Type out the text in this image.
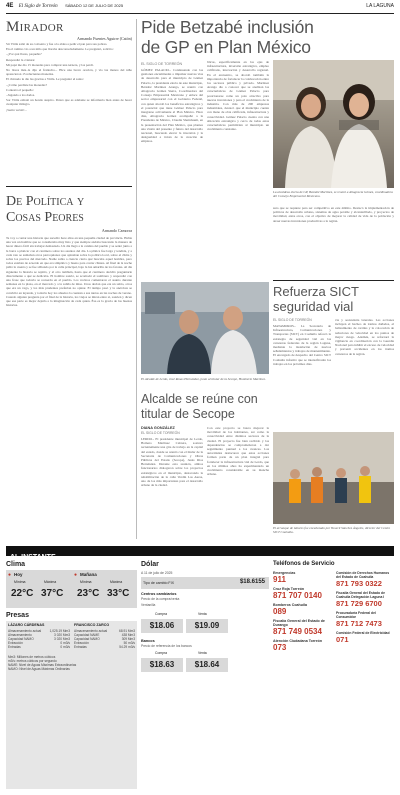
4E El Siglo de Torreón SÁBADO 12 DE JULIO DE 2025	LA LAGUNA
Mirador
Armando Fuentes Aguirre (Catón)

Sir Virila salió de su convento y fue a la aldea a pedir el pan para sus pobres.

En el camino vio a un niño que lloraba desconsoladamente. Le preguntó, solícito:

–¿Por qué lloras, pequeño?

Respondió la criatura:

Mi papá me dio 15 monedas para comprar una ternera, y las perdí.

No llores más–le dijo el frailecito–. Hice una breve oración, y vio las manos del niño aparecieron 15 relucientes monedas.

El chicuelo le dio las gracias a Virila. Le preguntó el santo:

–¿Cómo perdiste las monedas?

Contestó el pequeño:

–Jugando a los dados.

Sor Virila exhaló un hondo suspiro. Pensó que es adelante se informaría bien antes de hacer cualquier milagro.

¡Santo varón!...

De Política y
Cosas Peores
Armando Camorra
Te voy a contar una historia que sucedió hace años en una pequeña ciudad de provincia. Había una vez un hombre que se consideraba muy listo y que siempre andaba buscando la manera de hacer dinero fácil sin trabajar demasiado. Un día llegó a la cantina del pueblo y se sentó junto a la barra a platicar con el cantinero sobre los asuntos del día. La plática fue larga y tendida, y a cada rato se sumaban otros parroquianos que opinaban sobre la política local, sobre el clima y sobre los precios del mercado. Nadie sabía a ciencia cierta qué buscaba aquel hombre, pero todos estaban de acuerdo en que era simpático y bueno para contar chistes. Al final de la noche pidió la cuenta y se fue silbando por la calle principal, bajo la luz amarilla de los faroles. Al día siguiente la historia se repitió, y al otro también, hasta que el cantinero decidió preguntarle directamente a qué se dedicaba. El hombre sonrió, se acomodó el sombrero y respondió con una frase que todavía se recuerda en el pueblo. Los vecinos comentaron el asunto durante semanas en la plaza, en el mercado y a la salida de misa. Unos decían que era un sabio, otros que era un vago, y los más prudentes preferían no opinar. El tiempo pasó y la anécdota se convirtió en leyenda, y todavía hoy los abuelos la cuentan a sus nietos en las noches de verano. Cuando alguien pregunta por el final de la historia, los viejos se miran entre sí, sonríen y dicen que esa parte es mejor dejarla a la imaginación de cada quien. Ésa es la gracia de las buenas historias.
Pide Betzabé inclusión
de GP en Plan México
EL SIGLO DE TORREÓN
GÓMEZ PALACIO.- Continuando con las gestiones encaminadas a impulsar nuevas vías de desarrollo para el municipio de Gómez Palacio, la presidenta electa de este municipio, Betzabé Martínez Arango, se reunió con Altagracia Gómez Sierra, Coordinadora del Consejo Empresarial Mexicano y enlace del sector empresarial con el Gobierno Federal, con quien abordó los beneficios estratégicos y el potencial que tiene Gómez Palacio para integrarse activamente al Plan México. Hace días, Altagracia Gómez acompañó a la Presidenta de México, Claudia Sheinbaum, en la presentación del Plan México, que plantea una visión del presente y futuro del desarrollo nacional, buscando elevar la inversión y la desigualdad a través de la creación de empleos.
blicas, específicamente en los ejes de infraestructura, inversión estratégica, empleo calificado, innovación y desarrollo regional. En el encuentro, se abordó también la importancia de fortalecer la colaboración entre los sectores público y privado. Martínez Arango dio a conocer que se analizan las características de Gómez Palacio para posicionarse como un polo atractivo para nuevas inversiones y para el crecimiento de la industria. Con más de 200 empresas industriales, destacó que el municipio cuenta con mano de obra calificada, infraestructura y conectividad. Gómez Palacio cuenta con una ubicación estratégica y cerca de todas estas características permitirían al municipio un crecimiento constante.
La alcaldesa electa de GP, Betzabé Martínez, se reunió a Altagracia Gómez, coordinadora del Consejo Empresarial Mexicano.
sura que se requiere para ser competitivo en este ámbito. Destacó la implementación de políticas de desarrollo urbano, sistemas de agua potable y alcantarillado, y proyectos de movilidad, entre otros, con el objetivo de mejorar la calidad de vida de la población y atraer nuevas inversiones productivas a la región.
El Alcalde de Lerdo, José Rosas Hernández, junto al titular de la Secope, Humberto Martínez.
Alcalde se reúne con
titular de Secope
DIANA GONZÁLEZ
EL SIGLO DE TORREÓN
LERDO.- El presidente municipal de Lerdo, Homero Martínez Cabrera, sostuvo recientemente una gira de trabajo en la capital del estado, donde se reunió con el titular de la Secretaría de Comunicaciones y Obras Públicas del Estado (Secope), Jesús Ríos Hernández. Durante esta reunión, ambos funcionarios dialogaron sobre los proyectos estratégicos en el municipio, destacando la rehabilitación de la calle Verdín Las Auras, uno de los más importantes para el desarrollo urbano de la ciudad.
Con este proyecto se busca mejorar la movilidad de los habitantes, así como la conectividad entre distintos sectores de la ciudad. El proyecto fue bien recibido y las dependencias se comprometieron a dar seguimiento puntual a los avances. Las autoridades destacaron que estas acciones forman parte de un plan integral para fortalecer la infraestructura vial de Lerdo, que en los últimos años ha experimentado un crecimiento considerable en su mancha urbana.
Refuerza SICT
seguridad vial
EL SIGLO DE TORREÓN
MATAMOROS.- La Secretaría de Infraestructura, Comunicaciones y Transportes (SICT) en Coahuila reforzó la estrategia de seguridad vial en las carreteras federales de la región Laguna, mediante la instalación de nuevos señalamientos y trabajos de mantenimiento. El encargado de despacho del Centro SICT Coahuila informó que se intensificarán los trabajos en los próximos días.
vía y secundaria laterales. Las acciones incluyen el bacheo de tramos dañados, el balizamiento de carriles y la colocación de reductores de velocidad en los puntos de mayor riesgo. Además, se reforzará la vigilancia en coordinación con la Guardia Nacional para inhibir el exceso de velocidad y prevenir accidentes en los tramos carreteros de la región.
El arranque de labores fue encabezado por Yuvarit Sánchez Ángeles, director del Centro SICT Coahuila.
AL INSTANTE
Clima
● Hoy	● Mañana
Mínima	Máxima	Mínima	Máxima
22°C 37°C 23°C 33°C
Presas
LÁZARO CÁRDENAS	FRANCISCO ZARCO
Almacenamiento actual	1,025.19 Mm3
Almacenamiento	3 020 Mm3
Capacidad NAMO	3 020 Mm3
Extracción	0 m3/s
Entradas	0 m3/s
Almacenamiento actual	68.91 Mm3
Capacidad NAME	438 Mm3
Capacidad NAMO	309 Mm3
Extracción	50 m3/s
Entradas	54.29 m3/s
Mm3: Millones de metros cúbicos
m3/s: metros cúbicos por segundo
NAME: Nivel de Aguas Máximas Extraordinarias
NAMO: Nivel de Aguas Máximas Ordinarias
Dólar
A 11 de julio de 2025
Tipo de cambio FIX	$18.6155
Centros cambiarios
Precio de la compra/venta
Ventanilla
Compra	Venta
$18.06	$19.09
Bancos
Precio de referencia de los bancos
Compra	Venta
$18.63	$18.64
Teléfonos de Servicio
Emergencias
911
Cruz Roja Torreón
871 707 0140
Bomberos Coahuila
089
Fiscalía General del Estado de Durango
871 749 0534
Atención Ciudadana Torreón
073
Comisión de Derechos Humanos del Estado de Coahuila
871 793 0322
Fiscalía General del Estado de Coahuila Delegación Laguna I
871 729 6700
Procuraduría Federal del Consumidor
871 712 7473
Comisión Federal de Electricidad
071
